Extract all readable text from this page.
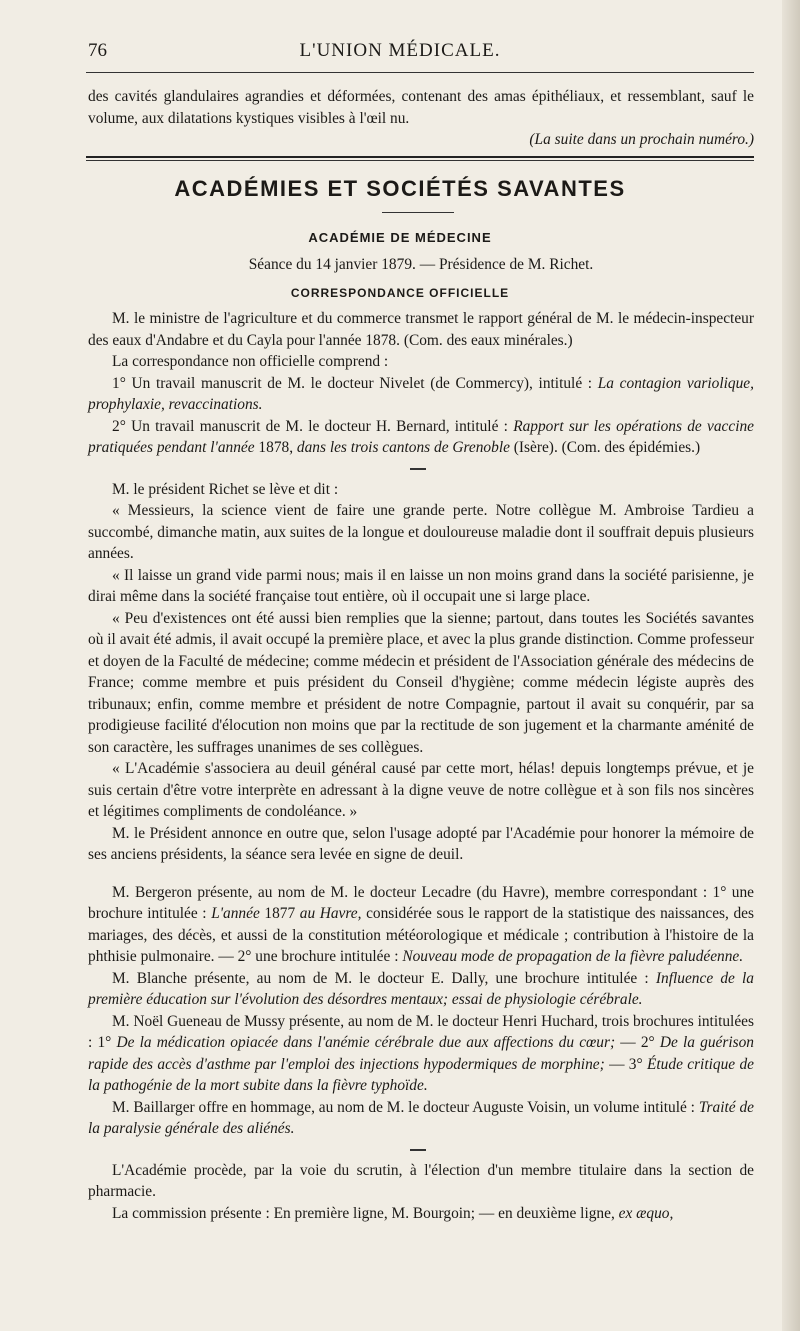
76	L'UNION MÉDICALE.

des cavités glandulaires agrandies et déformées, contenant des amas épithéliaux, et ressemblant, sauf le volume, aux dilatations kystiques visibles à l'œil nu.

(La suite dans un prochain numéro.)

ACADÉMIES ET SOCIÉTÉS SAVANTES
ACADÉMIE DE MÉDECINE

Séance du 14 janvier 1879. — Présidence de M. Richet.

CORRESPONDANCE OFFICIELLE

M. le ministre de l'agriculture et du commerce transmet le rapport général de M. le médecin-inspecteur des eaux d'Andabre et du Cayla pour l'année 1878. (Com. des eaux minérales.)

La correspondance non officielle comprend :

1° Un travail manuscrit de M. le docteur Nivelet (de Commercy), intitulé : La contagion variolique, prophylaxie, revaccinations.

2° Un travail manuscrit de M. le docteur H. Bernard, intitulé : Rapport sur les opérations de vaccine pratiquées pendant l'année 1878, dans les trois cantons de Grenoble (Isère). (Com. des épidémies.)

M. le président Richet se lève et dit :

« Messieurs, la science vient de faire une grande perte. Notre collègue M. Ambroise Tardieu a succombé, dimanche matin, aux suites de la longue et douloureuse maladie dont il souffrait depuis plusieurs années.

« Il laisse un grand vide parmi nous; mais il en laisse un non moins grand dans la société parisienne, je dirai même dans la société française tout entière, où il occupait une si large place.

« Peu d'existences ont été aussi bien remplies que la sienne; partout, dans toutes les Sociétés savantes où il avait été admis, il avait occupé la première place, et avec la plus grande distinction. Comme professeur et doyen de la Faculté de médecine; comme médecin et président de l'Association générale des médecins de France; comme membre et puis président du Conseil d'hygiène; comme médecin légiste auprès des tribunaux; enfin, comme membre et président de notre Compagnie, partout il avait su conquérir, par sa prodigieuse facilité d'élocution non moins que par la rectitude de son jugement et la charmante aménité de son caractère, les suffrages unanimes de ses collègues.

« L'Académie s'associera au deuil général causé par cette mort, hélas! depuis longtemps prévue, et je suis certain d'être votre interprète en adressant à la digne veuve de notre collègue et à son fils nos sincères et légitimes compliments de condoléance. »

M. le Président annonce en outre que, selon l'usage adopté par l'Académie pour honorer la mémoire de ses anciens présidents, la séance sera levée en signe de deuil.

M. Bergeron présente, au nom de M. le docteur Lecadre (du Havre), membre correspondant : 1° une brochure intitulée : L'année 1877 au Havre, considérée sous le rapport de la statistique des naissances, des mariages, des décès, et aussi de la constitution météorologique et médicale ; contribution à l'histoire de la phthisie pulmonaire. — 2° une brochure intitulée : Nouveau mode de propagation de la fièvre paludéenne.

M. Blanche présente, au nom de M. le docteur E. Dally, une brochure intitulée : Influence de la première éducation sur l'évolution des désordres mentaux; essai de physiologie cérébrale.

M. Noël Gueneau de Mussy présente, au nom de M. le docteur Henri Huchard, trois brochures intitulées : 1° De la médication opiacée dans l'anémie cérébrale due aux affections du cœur; — 2° De la guérison rapide des accès d'asthme par l'emploi des injections hypodermiques de morphine; — 3° Étude critique de la pathogénie de la mort subite dans la fièvre typhoïde.

M. Baillarger offre en hommage, au nom de M. le docteur Auguste Voisin, un volume intitulé : Traité de la paralysie générale des aliénés.

L'Académie procède, par la voie du scrutin, à l'élection d'un membre titulaire dans la section de pharmacie.

La commission présente : En première ligne, M. Bourgoin; — en deuxième ligne, ex æquo,
